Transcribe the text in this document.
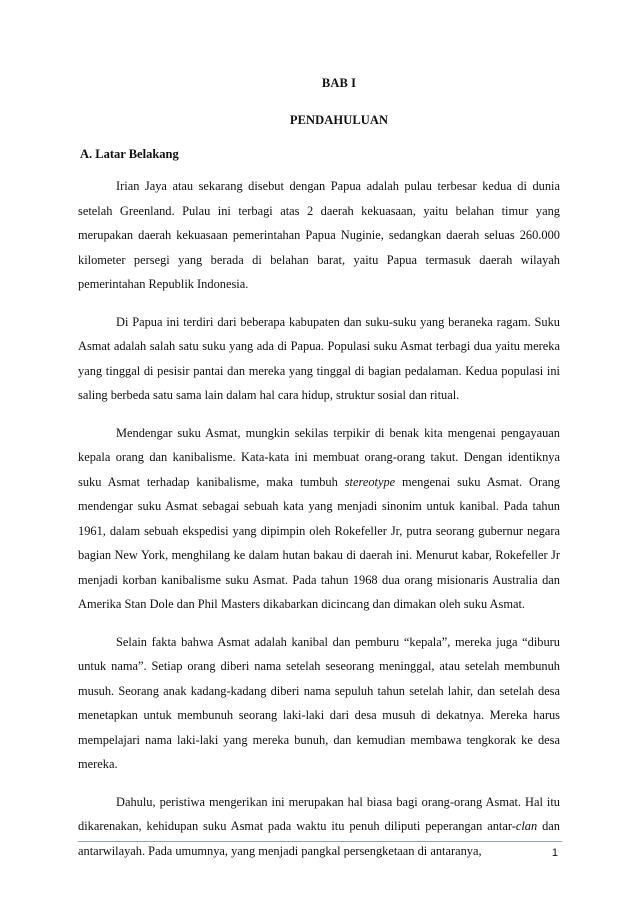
BAB I
PENDAHULUAN
A. Latar Belakang

Irian Jaya atau sekarang disebut dengan Papua adalah pulau terbesar kedua di dunia setelah Greenland. Pulau ini terbagi atas 2 daerah kekuasaan, yaitu belahan timur yang merupakan daerah kekuasaan pemerintahan Papua Nuginie, sedangkan daerah seluas 260.000 kilometer persegi yang berada di belahan barat, yaitu Papua termasuk daerah wilayah pemerintahan Republik Indonesia.

Di Papua ini terdiri dari beberapa kabupaten dan suku-suku yang beraneka ragam. Suku Asmat adalah salah satu suku yang ada di Papua. Populasi suku Asmat terbagi dua yaitu mereka yang tinggal di pesisir pantai dan mereka yang tinggal di bagian pedalaman. Kedua populasi ini saling berbeda satu sama lain dalam hal cara hidup, struktur sosial dan ritual.

Mendengar suku Asmat, mungkin sekilas terpikir di benak kita mengenai pengayauan kepala orang dan kanibalisme. Kata-kata ini membuat orang-orang takut. Dengan identiknya suku Asmat terhadap kanibalisme, maka tumbuh stereotype mengenai suku Asmat. Orang mendengar suku Asmat sebagai sebuah kata yang menjadi sinonim untuk kanibal. Pada tahun 1961, dalam sebuah ekspedisi yang dipimpin oleh Rokefeller Jr, putra seorang gubernur negara bagian New York, menghilang ke dalam hutan bakau di daerah ini. Menurut kabar, Rokefeller Jr menjadi korban kanibalisme suku Asmat. Pada tahun 1968 dua orang misionaris Australia dan Amerika Stan Dole dan Phil Masters dikabarkan dicincang dan dimakan oleh suku Asmat.

Selain fakta bahwa Asmat adalah kanibal dan pemburu “kepala”, mereka juga “diburu untuk nama”. Setiap orang diberi nama setelah seseorang meninggal, atau setelah membunuh musuh. Seorang anak kadang-kadang diberi nama sepuluh tahun setelah lahir, dan setelah desa menetapkan untuk membunuh seorang laki-laki dari desa musuh di dekatnya. Mereka harus mempelajari nama laki-laki yang mereka bunuh, dan kemudian membawa tengkorak ke desa mereka.

Dahulu, peristiwa mengerikan ini merupakan hal biasa bagi orang-orang Asmat. Hal itu dikarenakan, kehidupan suku Asmat pada waktu itu penuh diliputi peperangan antar-clan dan antarwilayah. Pada umumnya, yang menjadi pangkal persengketaan di antaranya,	1
